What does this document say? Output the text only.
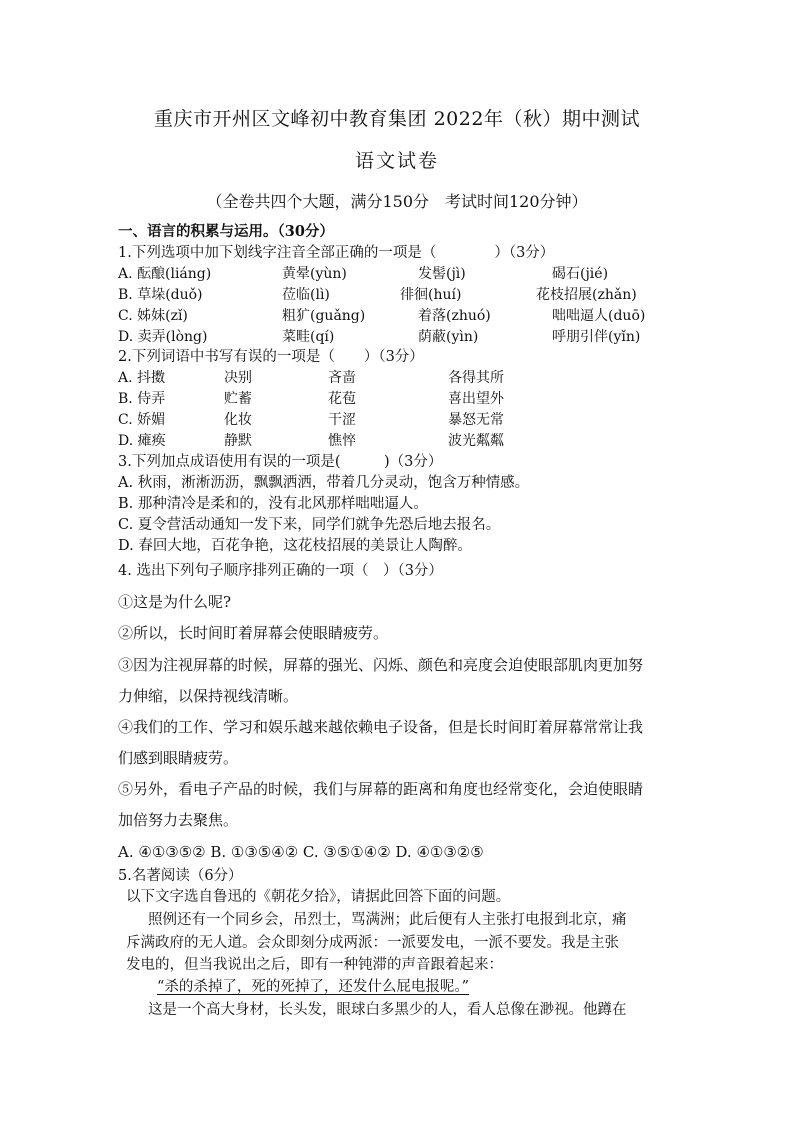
重庆市开州区文峰初中教育集团 2022年（秋）期中测试
语文试卷
（全卷共四个大题，满分150分　考试时间120分钟）
一、语言的积累与运用。（30分）
1.下列选项中加下划线字注音全部正确的一项是（　　　　）（3分）
A. 酝酿(liáng)	黄晕(yùn)	发髻(jì)	碣石(jié)
B. 草垛(duǒ)	莅临(lì)	徘徊(huí)	花枝招展(zhǎn)
C. 姊妹(zǐ)	粗犷(guǎng)	着落(zhuó)	咄咄逼人(duō)
D. 卖弄(lòng)	菜畦(qí)	荫蔽(yìn)	呼朋引伴(yǐn)
2.下列词语中书写有误的一项是（　　）（3分）
A. 抖擞	决别	吝啬	各得其所
B. 侍弄	贮蓄	花苞	喜出望外
C. 娇媚	化妆	干涩	暴怒无常
D. 瘫痪	静默	憔悴	波光粼粼
3.下列加点成语使用有误的一项是(　　　)（3分）
A. 秋雨，淅淅沥沥，飘飘洒洒，带着几分灵动，饱含万种情感。
B. 那种清冷是柔和的，没有北风那样咄咄逼人。
C. 夏令营活动通知一发下来，同学们就争先恐后地去报名。
D. 春回大地，百花争艳，这花枝招展的美景让人陶醉。
4. 选出下列句子顺序排列正确的一项（　）（3分）
①这是为什么呢?
②所以，长时间盯着屏幕会使眼睛疲劳。
③因为注视屏幕的时候，屏幕的强光、闪烁、颜色和亮度会迫使眼部肌肉更加努
力伸缩，以保持视线清晰。
④我们的工作、学习和娱乐越来越依赖电子设备，但是长时间盯着屏幕常常让我
们感到眼睛疲劳。
⑤另外，看电子产品的时候，我们与屏幕的距离和角度也经常变化，会迫使眼睛
加倍努力去聚焦。
A. ④①③⑤② B. ①③⑤④② C. ③⑤①④② D. ④①③②⑤
5.名著阅读（6分）
以下文字选自鲁迅的《朝花夕拾》，请据此回答下面的问题。
照例还有一个同乡会，吊烈士，骂满洲；此后便有人主张打电报到北京，痛
斥满政府的无人道。会众即刻分成两派：一派要发电，一派不要发。我是主张
发电的，但当我说出之后，即有一种钝滞的声音跟着起来：
“杀的杀掉了，死的死掉了，还发什么屁电报呢。”
这是一个高大身材，长头发，眼球白多黑少的人，看人总像在渺视。他蹲在
